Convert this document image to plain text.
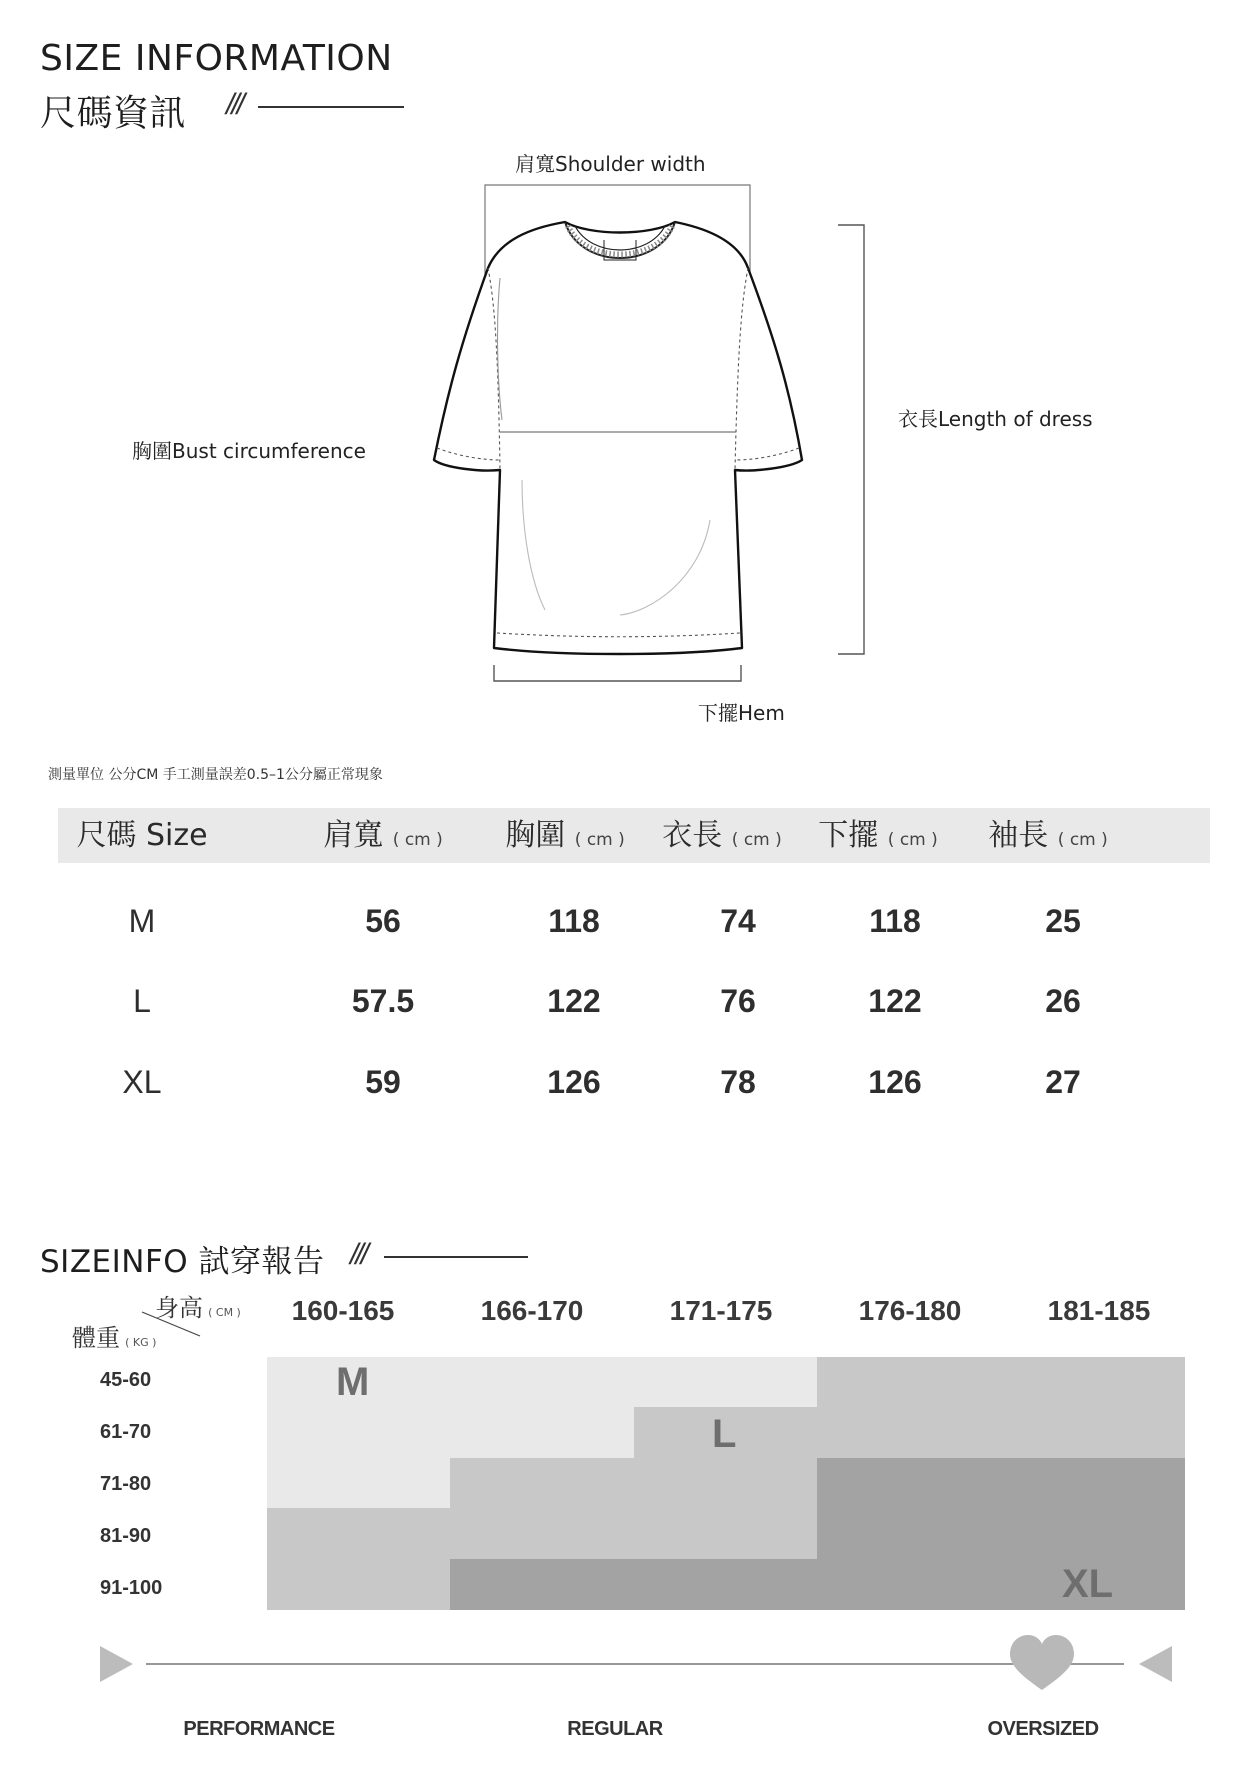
SIZE INFORMATION
尺碼資訊 ///
肩寬Shoulder width
衣長Length of dress
胸圍Bust circumference
下擺Hem
測量單位 公分CM 手工測量誤差0.5–1公分屬正常現象
尺碼 Size	肩寬 ( cm ) 胸圍 ( cm ) 衣長 ( cm ) 下擺 ( cm ) 袖長 ( cm )
M	56	118	74	118	25
L	57.5	122	76	122	26
XL	59	126	78	126	27
SIZEINFO 試穿報告 ///
身高 ( CM )
體重 ( KG )
160-165	166-170	171-175	176-180	181-185
45-60
61-70
71-80
81-90
91-100
M
L
XL
PERFORMANCE	REGULAR	OVERSIZED
